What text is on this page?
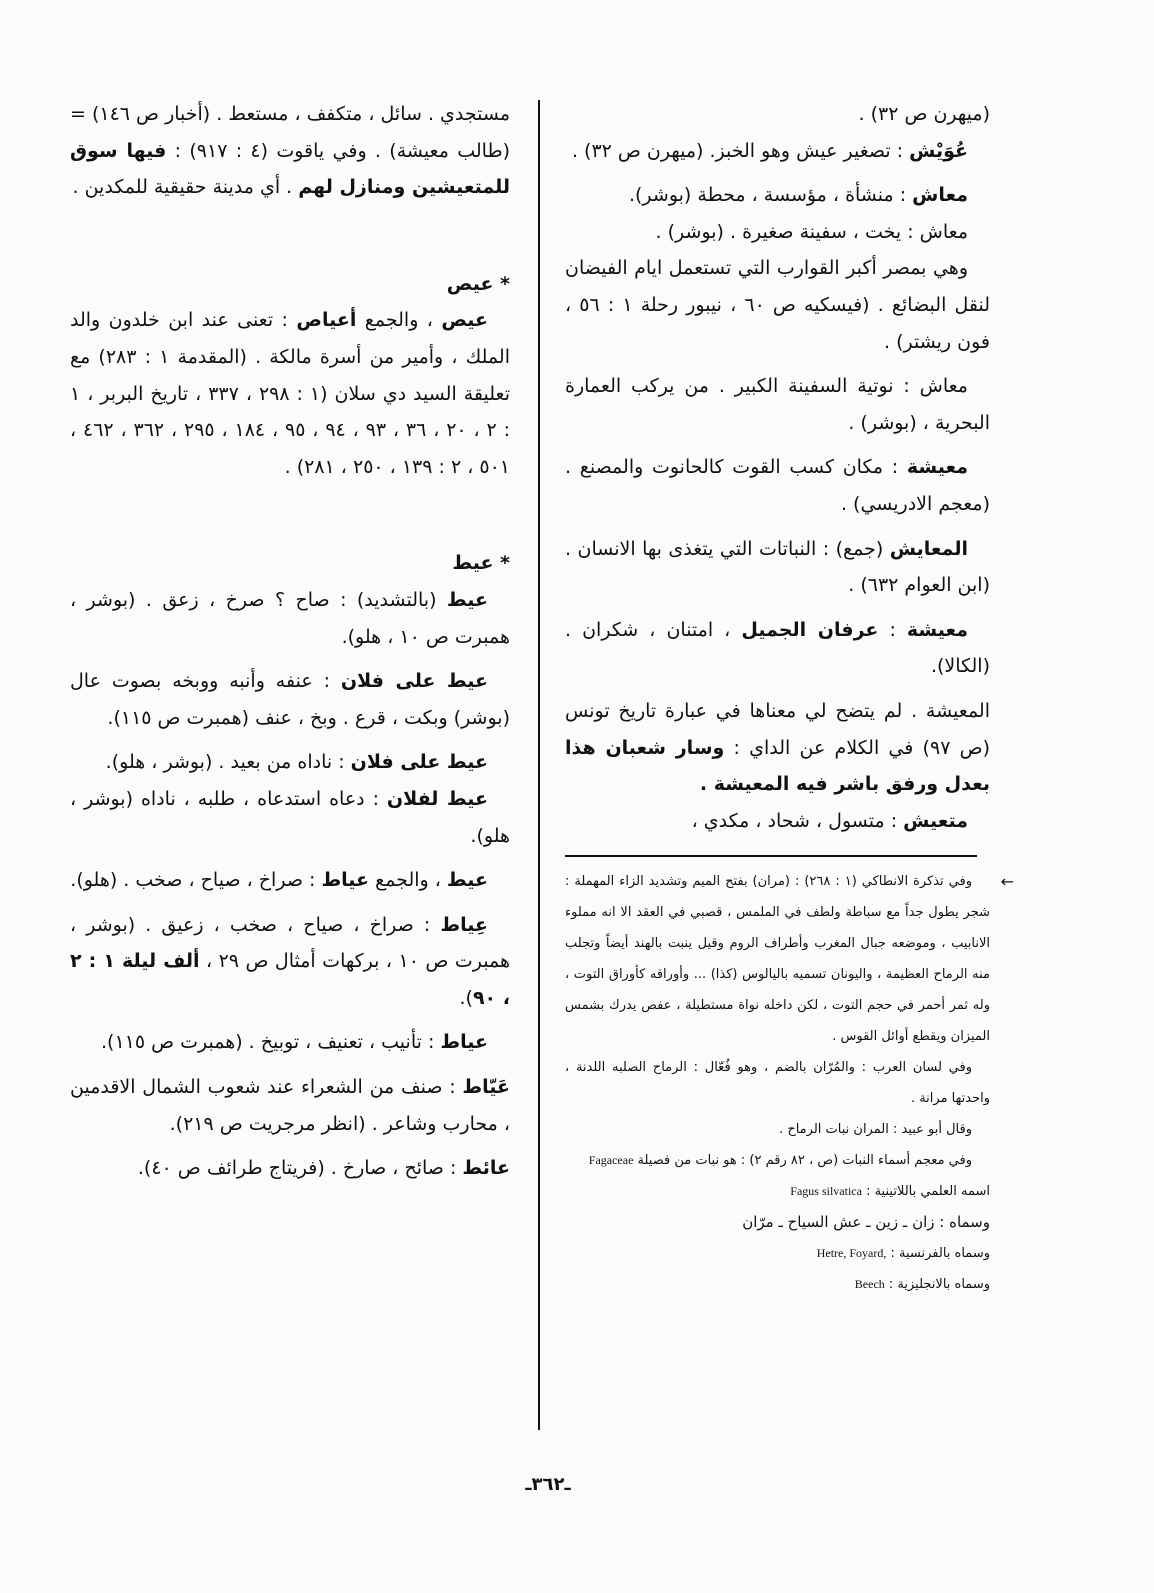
(ميهرن ص ٣٢) .

عُوَيْش : تصغير عيش وهو الخبز. (ميهرن ص ٣٢) .

معاش : منشأة ، مؤسسة ، محطة (بوشر).

معاش : يخت ، سفينة صغيرة . (بوشر) .

وهي بمصر أكبر القوارب التي تستعمل ايام الفيضان لنقل البضائع . (فيسكيه ص ٦٠ ، نيبور رحلة ١ : ٥٦ ، فون ريشتر) .

معاش : نوتية السفينة الكبير . من يركب العمارة البحرية ، (بوشر) .

معيشة : مكان كسب القوت كالحانوت والمصنع . (معجم الادريسي) .

المعايش (جمع) : النباتات التي يتغذى بها الانسان . (ابن العوام ٦٣٢) .

معيشة : عرفان الجميل ، امتنان ، شكران . (الكالا).

المعيشة . لم يتضح لي معناها في عبارة تاريخ تونس (ص ٩٧) في الكلام عن الداي : وسار شعبان هذا بعدل ورفق باشر فيه المعيشة .

متعيش : متسول ، شحاد ، مكدي ،

←

وفي تذكرة الانطاكي (١ : ٢٦٨) : (مران) بفتح الميم وتشديد الزاء المهملة : شجر يطول جداً مع سباطة ولطف في الملمس ، قصبي في العقد الا انه مملوء الانابيب ، وموضعه جبال المغرب وأطراف الروم وقيل ينبت بالهند أيضاً وتجلب منه الرماح العظيمة ، واليونان تسميه باليالوس (كذا) ... وأوراقه كأوراق التوت ، وله ثمر أحمر في حجم التوت ، لكن داخله نواة مستطيلة ، عفص يدرك بشمس الميزان ويقطع أوائل القوس .

وفي لسان العرب : والمُرّان بالضم ، وهو فُعّال : الرماح الصلبه اللدنة ، واحدتها مرانة .

وقال أبو عبيد : المران نبات الرماح .

وفي معجم أسماء النبات (ص ، ٨٢ رقم ٢) : هو نبات من فصيلة Fagaceae

اسمه العلمي باللاتينية : Fagus silvatica

وسماه : زان ـ زين ـ عش السياح ـ مرّان

وسماه بالفرنسية : Hetre, Foyard,

وسماه بالانجليزية : Beech

مستجدي . سائل ، متكفف ، مستعط . (أخبار ص ١٤٦) = (طالب معيشة) . وفي ياقوت (٤ : ٩١٧) : فيها سوق للمتعيشين ومنازل لهم . أي مدينة حقيقية للمكدين .

* عيص

عيص ، والجمع أعياص : تعنى عند ابن خلدون والد الملك ، وأمير من أسرة مالكة . (المقدمة ١ : ٢٨٣) مع تعليقة السيد دي سلان (١ : ٢٩٨ ، ٣٣٧ ، تاريخ البربر ، ١ : ٢ ، ٢٠ ، ٣٦ ، ٩٣ ، ٩٤ ، ٩٥ ، ١٨٤ ، ٢٩٥ ، ٣٦٢ ، ٤٦٢ ، ٥٠١ ، ٢ : ١٣٩ ، ٢٥٠ ، ٢٨١) .

* عيط

عيط (بالتشديد) : صاح ؟ صرخ ، زعق . (بوشر ، همبرت ص ١٠ ، هلو).

عيط على فلان : عنفه وأنبه ووبخه بصوت عال (بوشر) وبكت ، قرع . وبخ ، عنف (همبرت ص ١١٥).

عيط على فلان : ناداه من بعيد . (بوشر ، هلو).

عيط لفلان : دعاه استدعاه ، طلبه ، ناداه (بوشر ، هلو).

عيط ، والجمع عياط : صراخ ، صياح ، صخب . (هلو).

عِياط : صراخ ، صياح ، صخب ، زعيق . (بوشر ، همبرت ص ١٠ ، بركهات أمثال ص ٢٩ ، ألف ليلة ١ : ٢ ، ٩٠).

عياط : تأنيب ، تعنيف ، توبيخ . (همبرت ص ١١٥).

عَيّاط : صنف من الشعراء عند شعوب الشمال الاقدمين ، محارب وشاعر . (انظر مرجريت ص ٢١٩).

عائط : صائح ، صارخ . (فريتاج طرائف ص ٤٠).

ـ٣٦٢ـ
